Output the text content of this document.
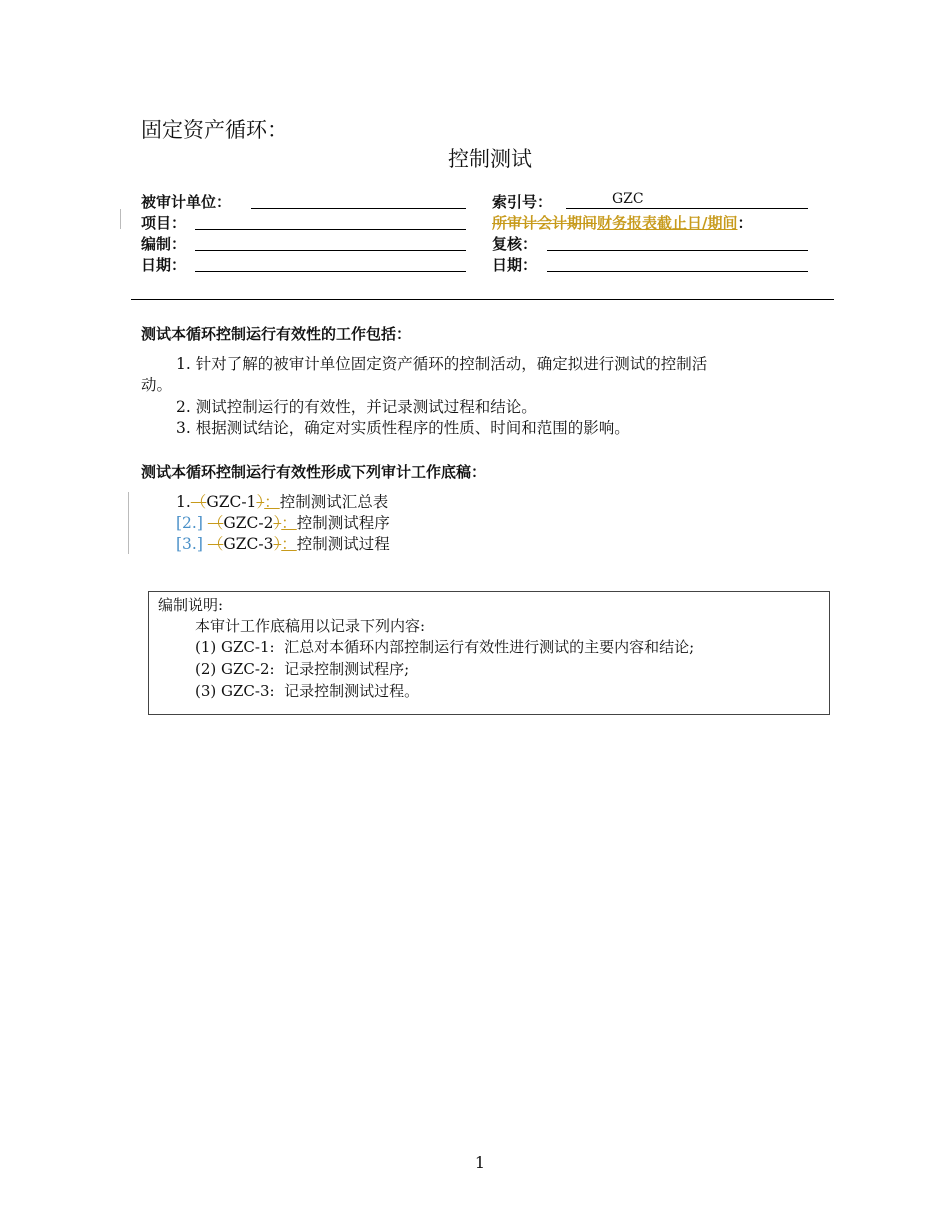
固定资产循环：
控制测试
被审计单位：	索引号：	GZC
项目：	所审计会计期间财务报表截止日/期间：
编制：	复核：
日期：	日期：
测试本循环控制运行有效性的工作包括：
1. 针对了解的被审计单位固定资产循环的控制活动，确定拟进行测试的控制活
动。
2. 测试控制运行的有效性，并记录测试过程和结论。
3. 根据测试结论，确定对实质性程序的性质、时间和范围的影响。
测试本循环控制运行有效性形成下列审计工作底稿：
1.（GZC-1）：控制测试汇总表
[2.] （GZC-2）：控制测试程序
[3.] （GZC-3）：控制测试过程
编制说明:
本审计工作底稿用以记录下列内容:
(1) GZC-1: 汇总对本循环内部控制运行有效性进行测试的主要内容和结论;
(2) GZC-2: 记录控制测试程序;
(3) GZC-3: 记录控制测试过程。
1
